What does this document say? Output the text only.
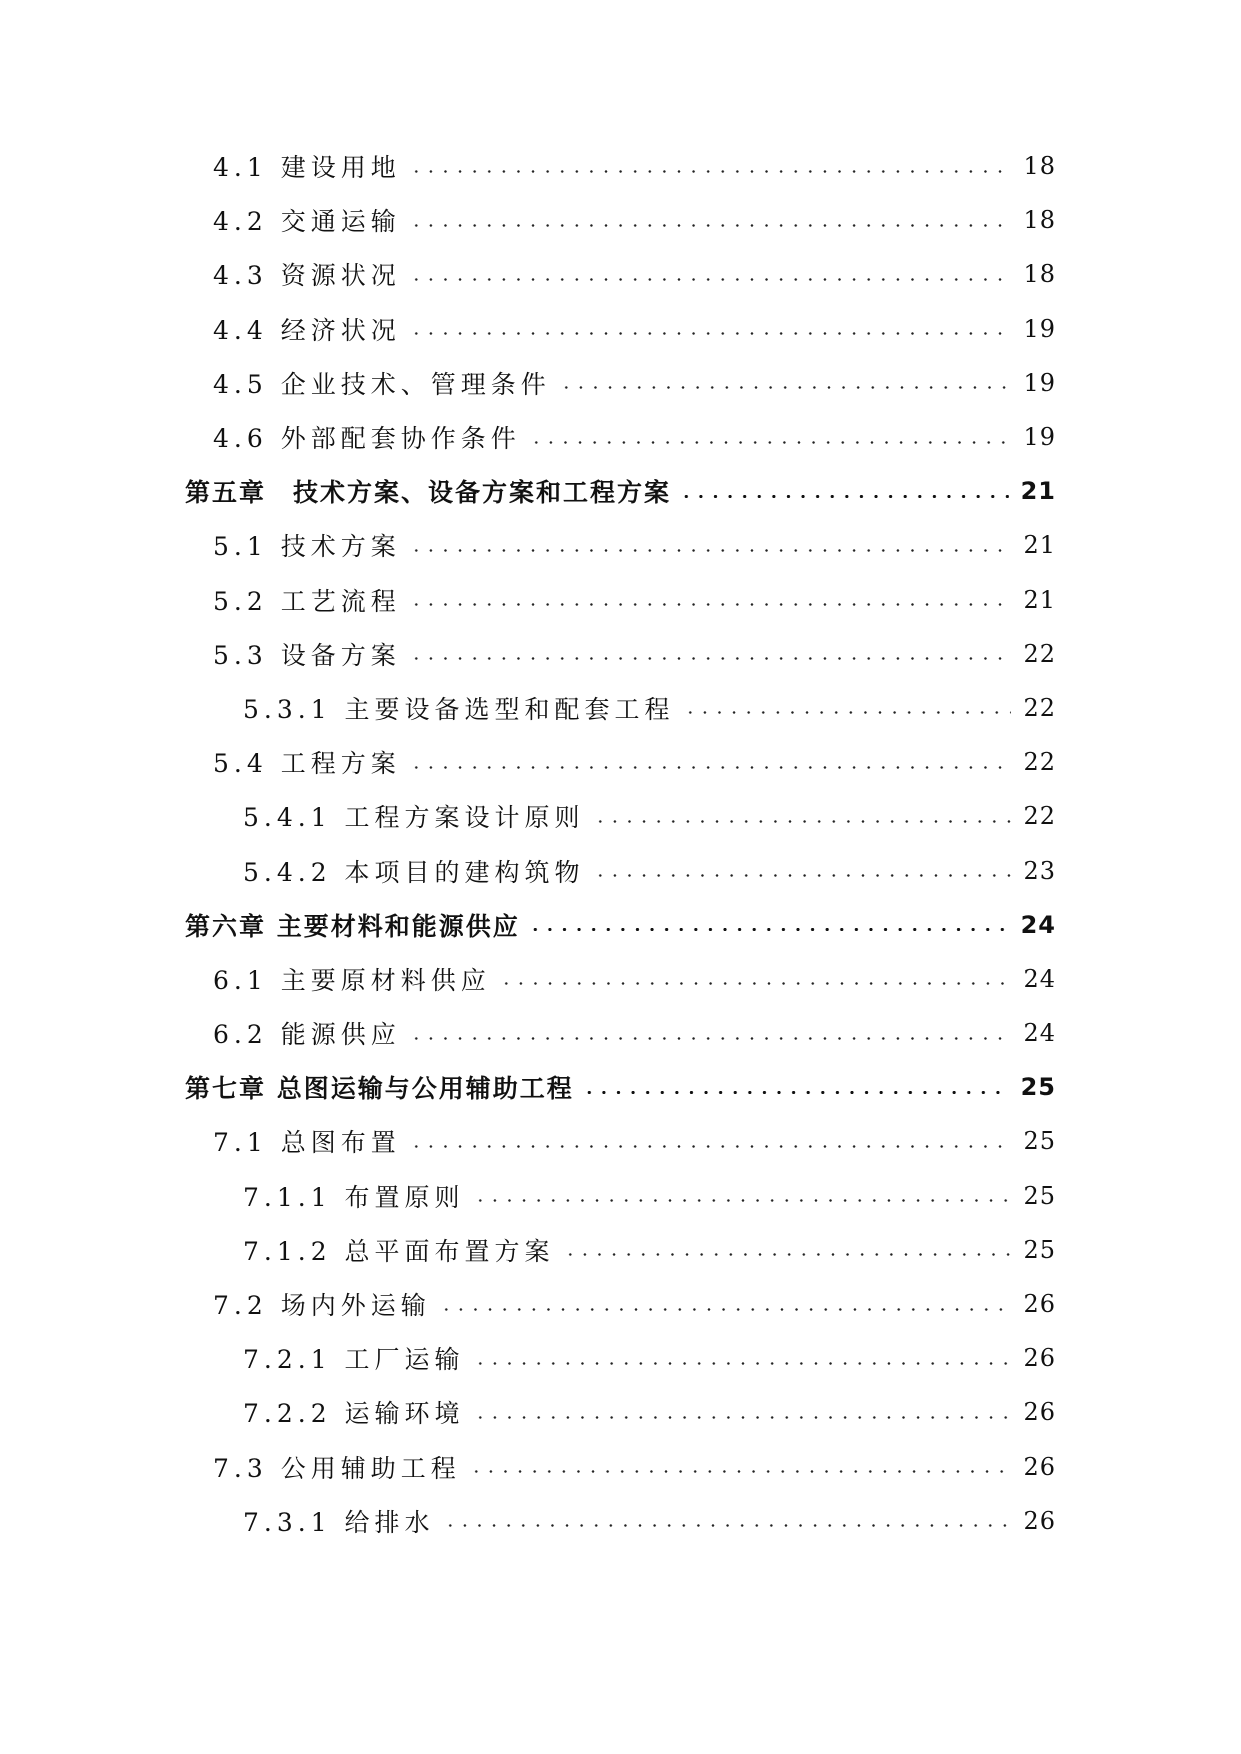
4.1 建设用地	18
4.2 交通运输	18
4.3 资源状况	18
4.4 经济状况	19
4.5 企业技术、管理条件	19
4.6 外部配套协作条件	19
第五章　技术方案、设备方案和工程方案	21
5.1 技术方案	21
5.2 工艺流程	21
5.3 设备方案	22
5.3.1 主要设备选型和配套工程	22
5.4 工程方案	22
5.4.1 工程方案设计原则	22
5.4.2 本项目的建构筑物	23
第六章 主要材料和能源供应	24
6.1 主要原材料供应	24
6.2 能源供应	24
第七章 总图运输与公用辅助工程	25
7.1 总图布置	25
7.1.1 布置原则	25
7.1.2 总平面布置方案	25
7.2 场内外运输	26
7.2.1 工厂运输	26
7.2.2 运输环境	26
7.3 公用辅助工程	26
7.3.1 给排水	26
